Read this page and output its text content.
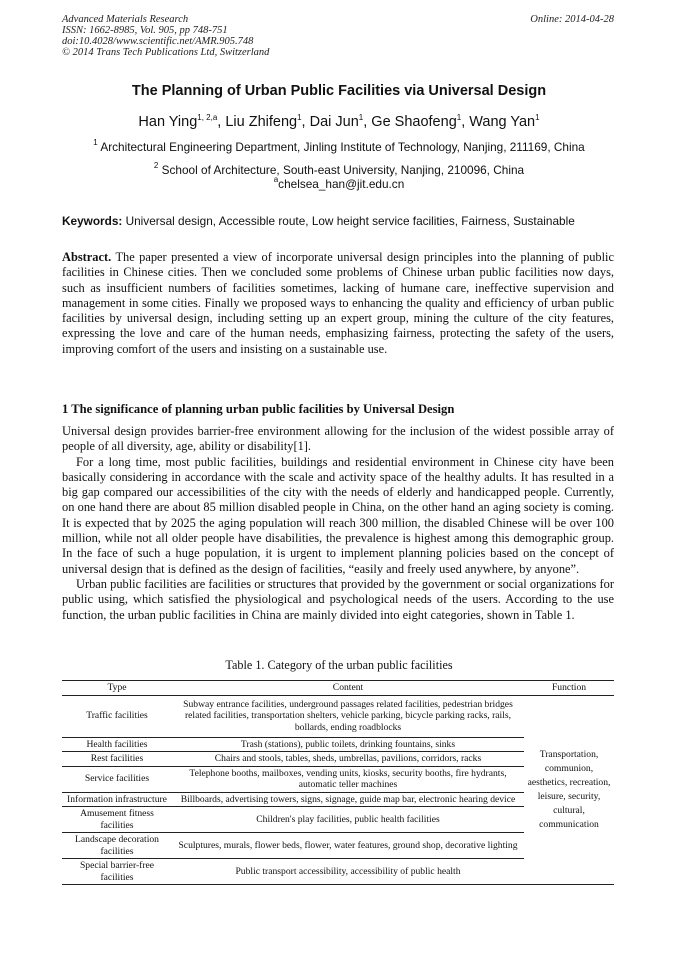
Advanced Materials Research
ISSN: 1662-8985, Vol. 905, pp 748-751
doi:10.4028/www.scientific.net/AMR.905.748
© 2014 Trans Tech Publications Ltd, Switzerland
Online: 2014-04-28
The Planning of Urban Public Facilities via Universal Design
Han Ying$^{1, 2,a}$, Liu Zhifeng$^1$, Dai Jun$^1$, Ge Shaofeng$^1$, Wang Yan$^1$
$^1$ Architectural Engineering Department, Jinling Institute of Technology, Nanjing, 211169, China
$^2$ School of Architecture, South-east University, Nanjing, 210096, China
$^a$chelsea_han@jit.edu.cn
Keywords: Universal design, Accessible route, Low height service facilities, Fairness, Sustainable
Abstract. The paper presented a view of incorporate universal design principles into the planning of public facilities in Chinese cities. Then we concluded some problems of Chinese urban public facilities now days, such as insufficient numbers of facilities sometimes, lacking of humane care, ineffective supervision and management in some cities. Finally we proposed ways to enhancing the quality and efficiency of urban public facilities by universal design, including setting up an expert group, mining the culture of the city features, expressing the love and care of the human needs, emphasizing fairness, protecting the safety of the users, improving comfort of the users and insisting on a sustainable use.
1 The significance of planning urban public facilities by Universal Design

Universal design provides barrier-free environment allowing for the inclusion of the widest possible array of people of all diversity, age, ability or disability[1].

For a long time, most public facilities, buildings and residential environment in Chinese city have been basically considering in accordance with the scale and activity space of the healthy adults. It has resulted in a big gap compared our accessibilities of the city with the needs of elderly and handicapped people. Currently, on one hand there are about 85 million disabled people in China, on the other hand an aging society is coming. It is expected that by 2025 the aging population will reach 300 million, the disabled Chinese will be over 100 million, while not all older people have disabilities, the prevalence is highest among this demographic group. In the face of such a huge population, it is urgent to implement planning policies based on the concept of universal design that is defined as the design of facilities, “easily and freely used anywhere, by anyone”.

Urban public facilities are facilities or structures that provided by the government or social organizations for public using, which satisfied the physiological and psychological needs of the users. According to the use function, the urban public facilities in China are mainly divided into eight categories, shown in Table 1.

Table 1. Category of the urban public facilities
Type	Content	Function
Traffic facilities	Subway entrance facilities, underground passages related facilities, pedestrian bridges related facilities, transportation shelters, vehicle parking, bicycle parking racks, rails, bollards, ending roadblocks	Transportation, communion, aesthetics, recreation, leisure, security, cultural, communication
Health facilities	Trash (stations), public toilets, drinking fountains, sinks	
Rest facilities	Chairs and stools, tables, sheds, umbrellas, pavilions, corridors, racks	
Service facilities	Telephone booths, mailboxes, vending units, kiosks, security booths, fire hydrants, automatic teller machines	
Information infrastructure	Billboards, advertising towers, signs, signage, guide map bar, electronic hearing device	
Amusement fitness facilities	Children's play facilities, public health facilities	
Landscape decoration facilities	Sculptures, murals, flower beds, flower, water features, ground shop, decorative lighting	
Special barrier-free facilities	Public transport accessibility, accessibility of public health	
